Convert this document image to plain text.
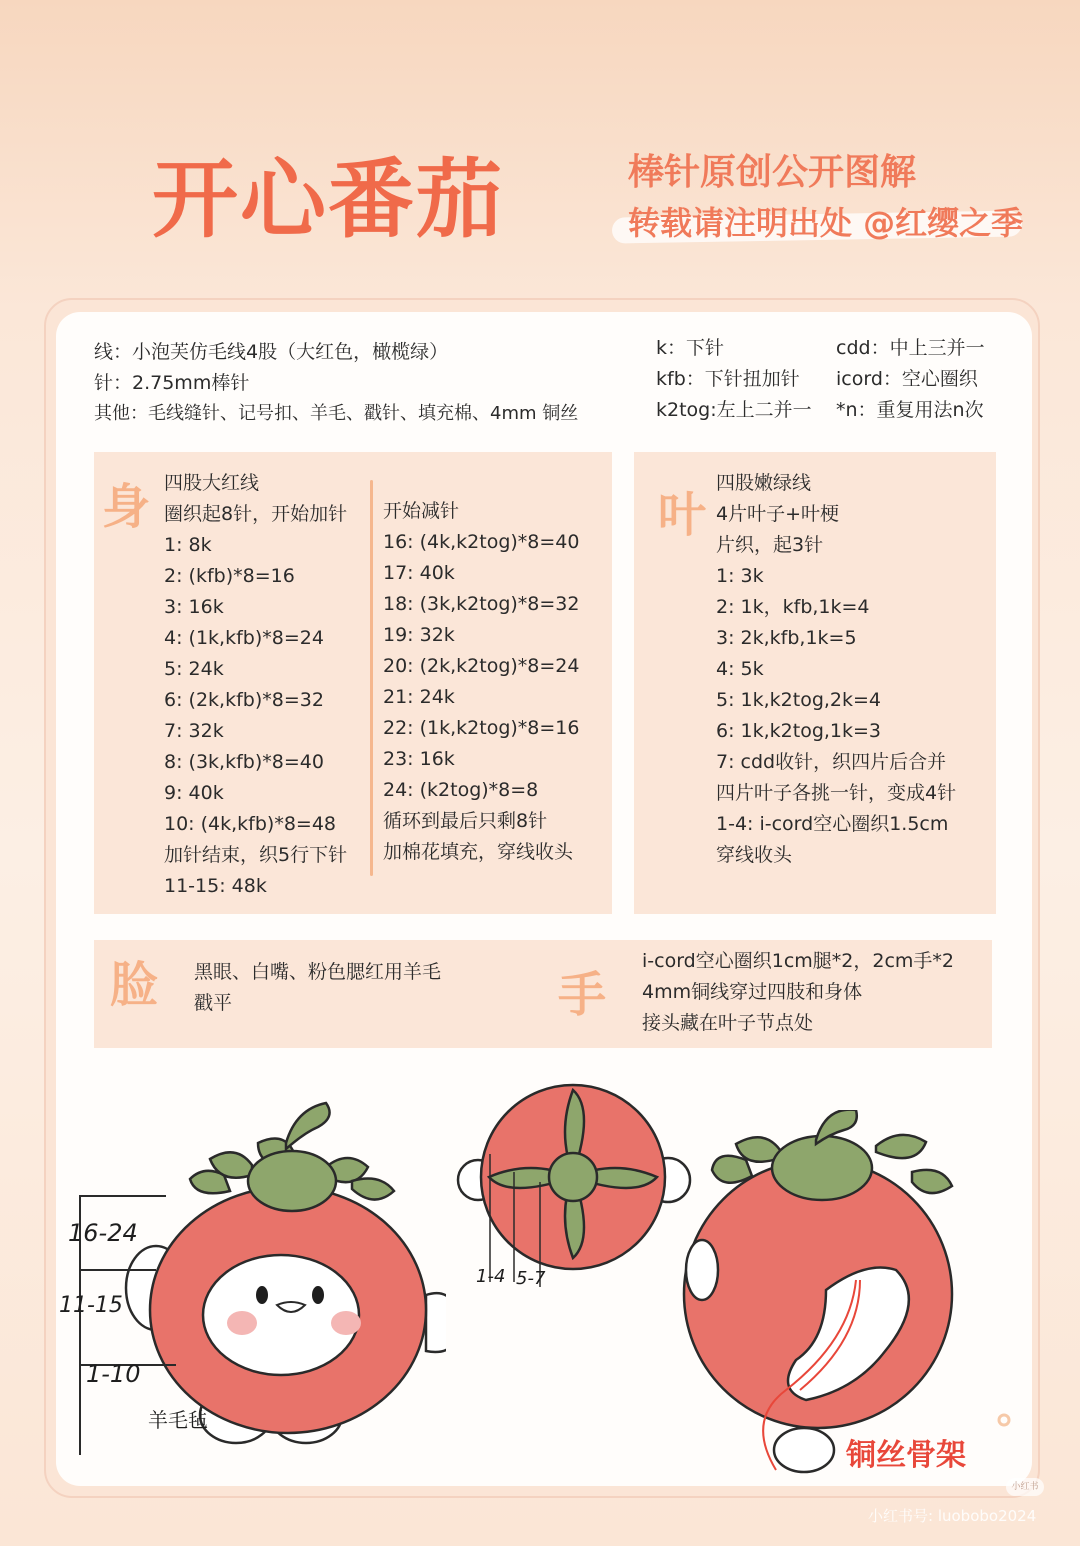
开心番茄	棒针原创公开图解
转载请注明出处 @红缨之季
线：小泡芙仿毛线4股（大红色，橄榄绿）
针：2.75mm棒针
其他：毛线缝针、记号扣、羊毛、戳针、填充棉、4mm 铜丝
k：下针
kfb：下针扭加针
k2tog:左上二并一
cdd：中上三并一
icord：空心圈织
*n：重复用法n次
身 四股大红线
圈织起8针，开始加针
1: 8k
2: (kfb)*8=16
3: 16k
4: (1k,kfb)*8=24
5: 24k
6: (2k,kfb)*8=32
7: 32k
8: (3k,kfb)*8=40
9: 40k
10: (4k,kfb)*8=48
加针结束，织5行下针
11-15: 48k
开始减针
16: (4k,k2tog)*8=40
17: 40k
18: (3k,k2tog)*8=32
19: 32k
20: (2k,k2tog)*8=24
21: 24k
22: (1k,k2tog)*8=16
23: 16k
24: (k2tog)*8=8
循环到最后只剩8针
加棉花填充，穿线收头
叶
四股嫩绿线
4片叶子+叶梗
片织，起3针
1: 3k
2: 1k，kfb,1k=4
3: 2k,kfb,1k=5
4: 5k
5: 1k,k2tog,2k=4
6: 1k,k2tog,1k=3
7: cdd收针，织四片后合并
四片叶子各挑一针，变成4针
1-4: i-cord空心圈织1.5cm
穿线收头
脸 黑眼、白嘴、粉色腮红用羊毛
戳平	手
i-cord空心圈织1cm腿*2，2cm手*2
4mm铜线穿过四肢和身体
接头藏在叶子节点处
16-24
11-15
1-10
羊毛毡
1-4 5-7
铜丝骨架
小红书
小红书号: luobobo2024
